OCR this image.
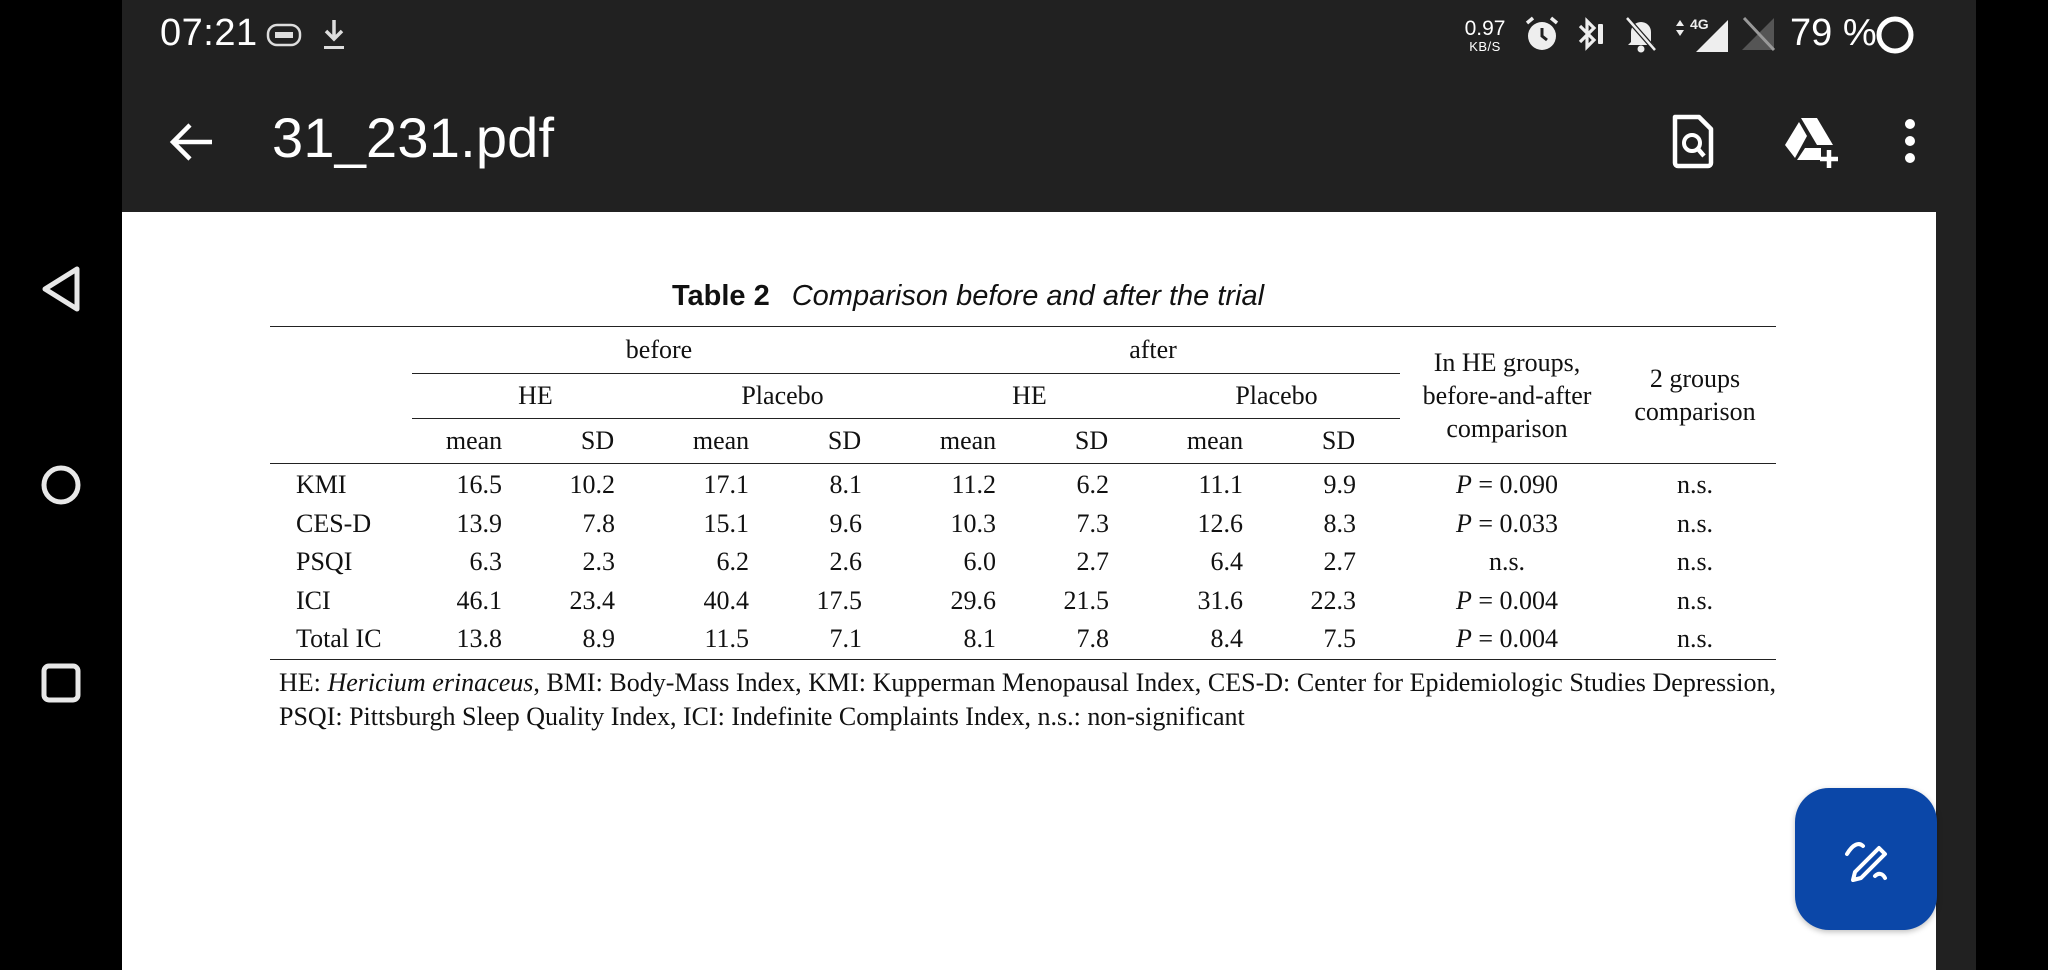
07:21	0.97
KB/S
4G 79 %
31_231.pdf
Table 2 Comparison before and after the trial
	before				after				In HE groups,
before-and-after
comparison	2 groups
comparison
	HE		Placebo		HE		Placebo			
	mean	SD	mean	SD	mean	SD	mean	SD		
KMI	16.5	10.2	17.1	8.1	11.2	6.2	11.1	9.9	P = 0.090	n.s.
CES-D	13.9	7.8	15.1	9.6	10.3	7.3	12.6	8.3	P = 0.033	n.s.
PSQI	6.3	2.3	6.2	2.6	6.0	2.7	6.4	2.7	n.s.	n.s.
ICI	46.1	23.4	40.4	17.5	29.6	21.5	31.6	22.3	P = 0.004	n.s.
Total IC	13.8	8.9	11.5	7.1	8.1	7.8	8.4	7.5	P = 0.004	n.s.
HE: Hericium erinaceus, BMI: Body-Mass Index, KMI: Kupperman Menopausal Index, CES-D: Center for Epidemiologic Studies Depression, PSQI: Pittsburgh Sleep Quality Index, ICI: Indefinite Complaints Index, n.s.: non-significant
